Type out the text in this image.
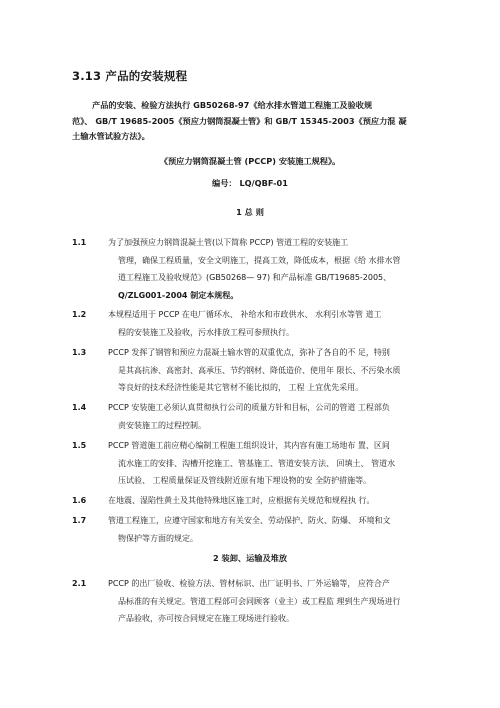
3.13 产品的安装规程
产品的安装、检验方法执行 GB50268-97《给水排水管道工程施工及验收规
范》、 GB/T 19685-2005《预应力钢筒混凝土管》和 GB/T 15345-2003《预应力混 凝
土输水管试验方法》。
《预应力钢筒混凝土管 (PCCP) 安装施工规程》。
编号： LQ/QBF-01
1 总 则
1.1	为了加强预应力钢筒混凝土管(以下简称 PCCP) 管道工程的安装施工
管理，确保工程质量，安全文明施工，提高工效，降低成本，根据《给 水排水管
道工程施工及验收规范》(GB50268— 97) 和产品标准 GB/T19685-2005、
Q/ZLG001-2004 制定本规程。
1.2	本规程适用于 PCCP 在电厂循环水、 补给水和市政供水、 水利引水等管 道工
程的安装施工及验收，污水排放工程可参照执行。
1.3	PCCP 发挥了钢管和预应力混凝土输水管的双重优点，弥补了各自的不 足，特别
是其高抗渗、高密封、高承压、节约钢材、降低造价、使用年 限长、不污染水质
等良好的技术经济性能是其它管材不能比拟的， 工程 上宜优先采用。
1.4	PCCP 安装施工必须认真贯彻执行公司的质量方针和目标，公司的管道 工程部负
责安装施工的过程控制。
1.5	PCCP 管道施工前应精心编制工程施工组织设计，其内容有施工场地布 置、区间
流水施工的安排、沟槽开挖施工、管基施工、管道安装方法、 回填土、 管道水
压试验、 工程质量保证及管线附近原有地下埋设物的安 全防护措施等。
1.6	在地震、湿陷性黄土及其他特殊地区施工时，应根据有关规范和规程执 行。
1.7	管道工程施工，应遵守国家和地方有关安全、劳动保护、防火、防爆、 环境和文
物保护等方面的规定。
2 装卸、运输及堆放
2.1	PCCP 的出厂验收、检验方法、管材标识、出厂证明书、厂外运输等， 应符合产
品标准的有关规定。管道工程部可会同顾客（业主）或工程监 理到生产现场进行
产品验收，亦可按合同规定在施工现场进行验收。
